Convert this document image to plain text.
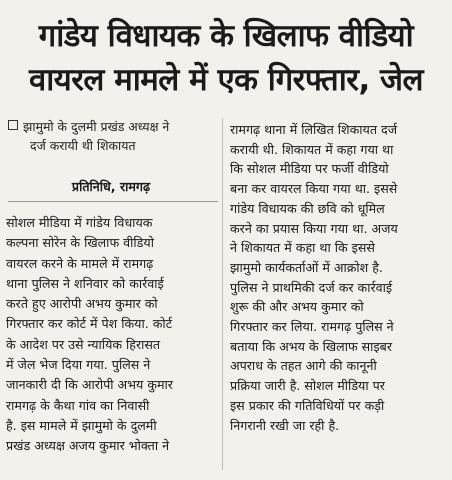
गांडेय विधायक के खिलाफ वीडियो
वायरल मामले में एक गिरफ्तार, जेल
झामुमो के दुलमी प्रखंड अध्यक्ष ने
दर्ज करायी थी शिकायत
प्रतिनिधि, रामगढ़
सोशल मीडिया में गांडेय विधायक
कल्पना सोरेन के खिलाफ वीडियो
वायरल करने के मामले में रामगढ़
थाना पुलिस ने शनिवार को कार्रवाई
करते हुए आरोपी अभय कुमार को
गिरफ्तार कर कोर्ट में पेश किया. कोर्ट
के आदेश पर उसे न्यायिक हिरासत
में जेल भेज दिया गया. पुलिस ने
जानकारी दी कि आरोपी अभय कुमार
रामगढ़ के कैथा गांव का निवासी
है. इस मामले में झामुमो के दुलमी
प्रखंड अध्यक्ष अजय कुमार भोक्ता ने
रामगढ़ थाना में लिखित शिकायत दर्ज
करायी थी. शिकायत में कहा गया था
कि सोशल मीडिया पर फर्जी वीडियो
बना कर वायरल किया गया था. इससे
गांडेय विधायक की छवि को धूमिल
करने का प्रयास किया गया था. अजय
ने शिकायत में कहा था कि इससे
झामुमो कार्यकर्ताओं में आक्रोश है.
पुलिस ने प्राथमिकी दर्ज कर कार्रवाई
शुरू की और अभय कुमार को
गिरफ्तार कर लिया. रामगढ़ पुलिस ने
बताया कि अभय के खिलाफ साइबर
अपराध के तहत आगे की कानूनी
प्रक्रिया जारी है. सोशल मीडिया पर
इस प्रकार की गतिविधियों पर कड़ी
निगरानी रखी जा रही है.
